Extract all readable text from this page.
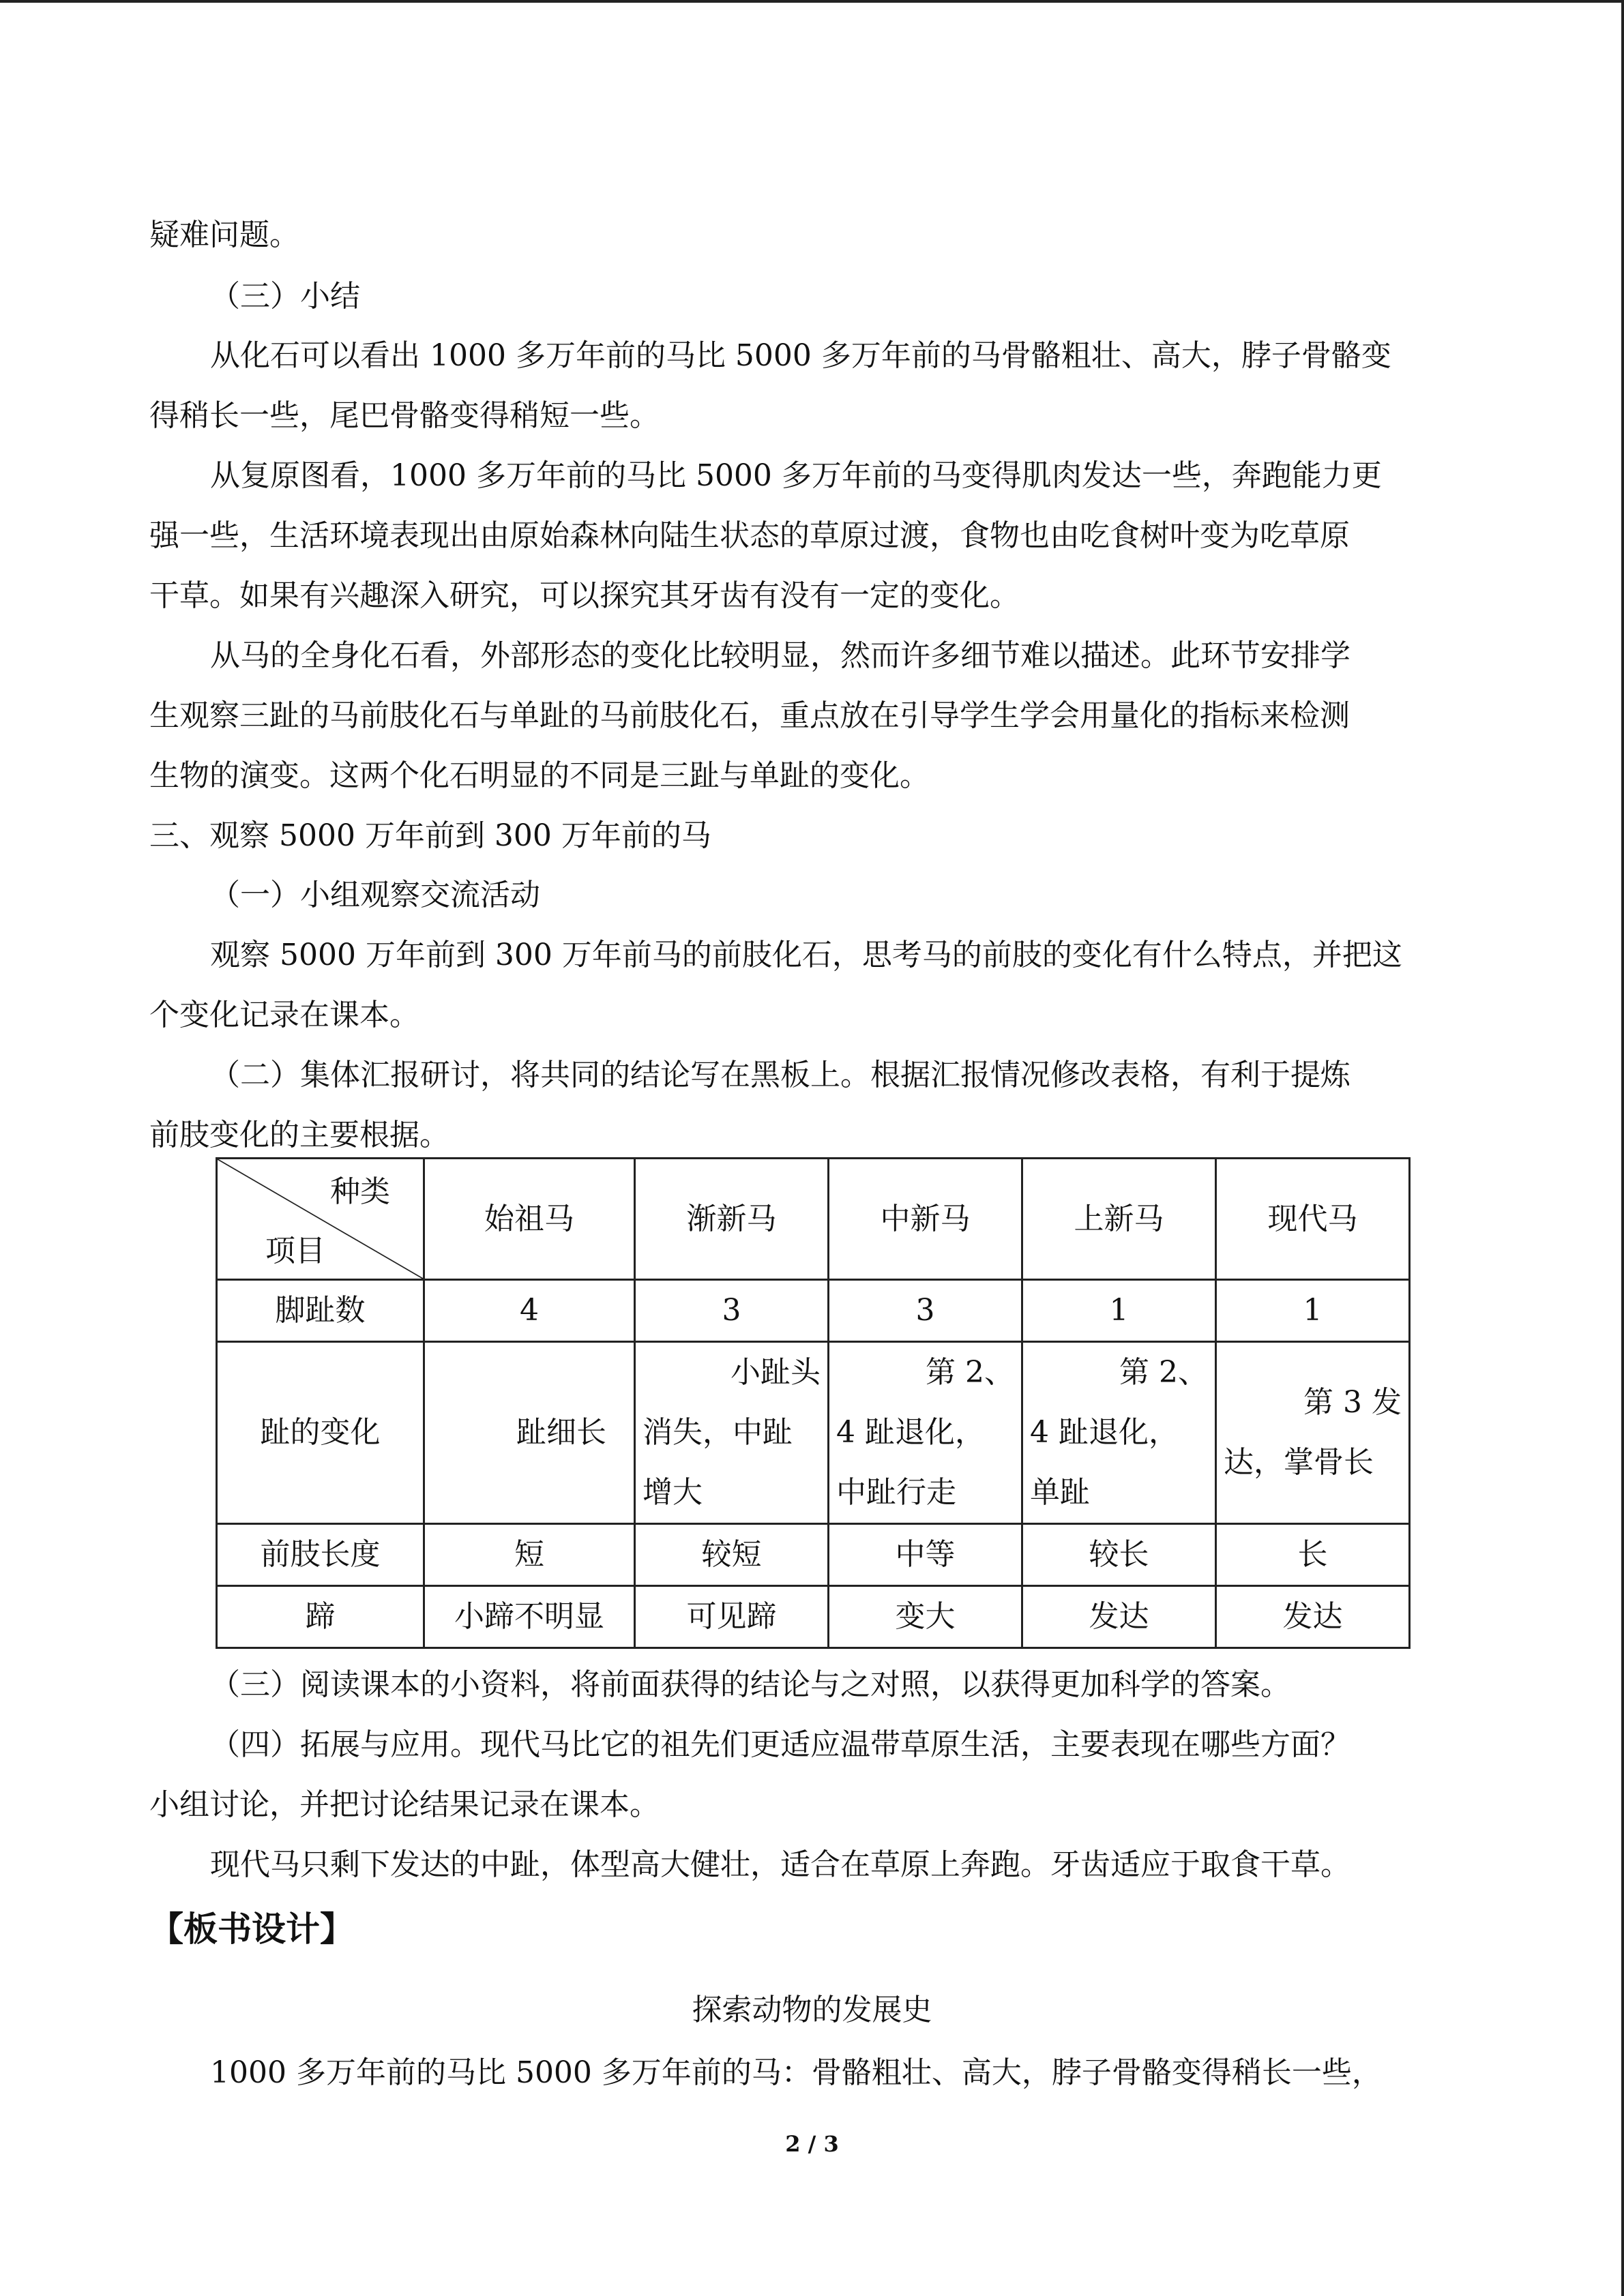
疑难问题。
（三）小结
从化石可以看出 1000 多万年前的马比 5000 多万年前的马骨骼粗壮、高大，脖子骨骼变
得稍长一些，尾巴骨骼变得稍短一些。
从复原图看，1000 多万年前的马比 5000 多万年前的马变得肌肉发达一些，奔跑能力更
强一些，生活环境表现出由原始森林向陆生状态的草原过渡，食物也由吃食树叶变为吃草原
干草。如果有兴趣深入研究，可以探究其牙齿有没有一定的变化。
从马的全身化石看，外部形态的变化比较明显，然而许多细节难以描述。此环节安排学
生观察三趾的马前肢化石与单趾的马前肢化石，重点放在引导学生学会用量化的指标来检测
生物的演变。这两个化石明显的不同是三趾与单趾的变化。
三、观察 5000 万年前到 300 万年前的马
（一）小组观察交流活动
观察 5000 万年前到 300 万年前马的前肢化石，思考马的前肢的变化有什么特点，并把这
个变化记录在课本。
（二）集体汇报研讨，将共同的结论写在黑板上。根据汇报情况修改表格，有利于提炼
前肢变化的主要根据。
种类
项目	始祖马	渐新马	中新马	上新马	现代马
脚趾数	4	3	3	1	1
趾的变化	趾细长	小趾头
消失，中趾
增大	第 2、
4 趾退化，
中趾行走	第 2、
4 趾退化，
单趾	第 3 发
达，掌骨长

前肢长度	短	较短	中等	较长	长
蹄	小蹄不明显	可见蹄	变大	发达	发达
（三）阅读课本的小资料，将前面获得的结论与之对照，以获得更加科学的答案。
（四）拓展与应用。现代马比它的祖先们更适应温带草原生活，主要表现在哪些方面？
小组讨论，并把讨论结果记录在课本。
现代马只剩下发达的中趾，体型高大健壮，适合在草原上奔跑。牙齿适应于取食干草。
【板书设计】
探索动物的发展史
1000 多万年前的马比 5000 多万年前的马：骨骼粗壮、高大，脖子骨骼变得稍长一些，
2 / 3
